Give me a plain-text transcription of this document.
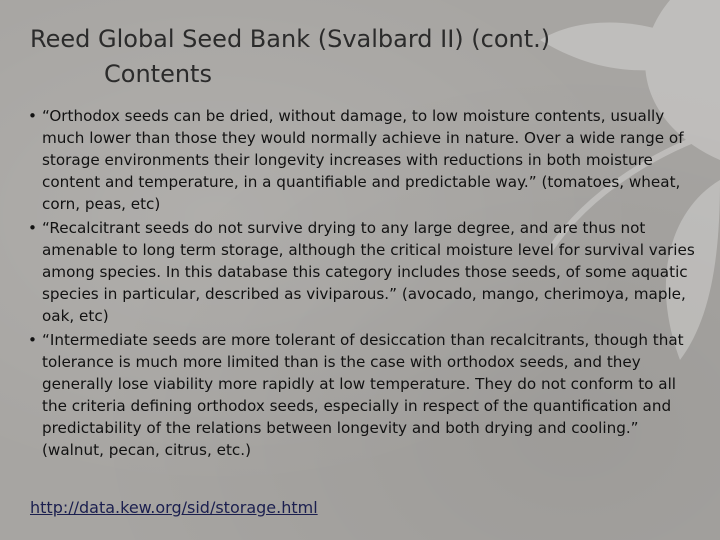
Reed Global Seed Bank (Svalbard II) (cont.)
Contents
• “Orthodox seeds can be dried, without damage, to low moisture contents, usually much lower than those they would normally achieve in nature. Over a wide range of storage environments their longevity increases with reductions in both moisture content and temperature, in a quantifiable and predictable way.” (tomatoes, wheat, corn, peas, etc)
• “Recalcitrant seeds do not survive drying to any large degree, and are thus not amenable to long term storage, although the critical moisture level for survival varies among species. In this database this category includes those seeds, of some aquatic species in particular, described as viviparous.” (avocado, mango, cherimoya, maple, oak, etc)
• “Intermediate seeds are more tolerant of desiccation than recalcitrants, though that tolerance is much more limited than is the case with orthodox seeds, and they generally lose viability more rapidly at low temperature. They do not conform to all the criteria defining orthodox seeds, especially in respect of the quantification and predictability of the relations between longevity and both drying and cooling.” (walnut, pecan, citrus, etc.)
http://data.kew.org/sid/storage.html
